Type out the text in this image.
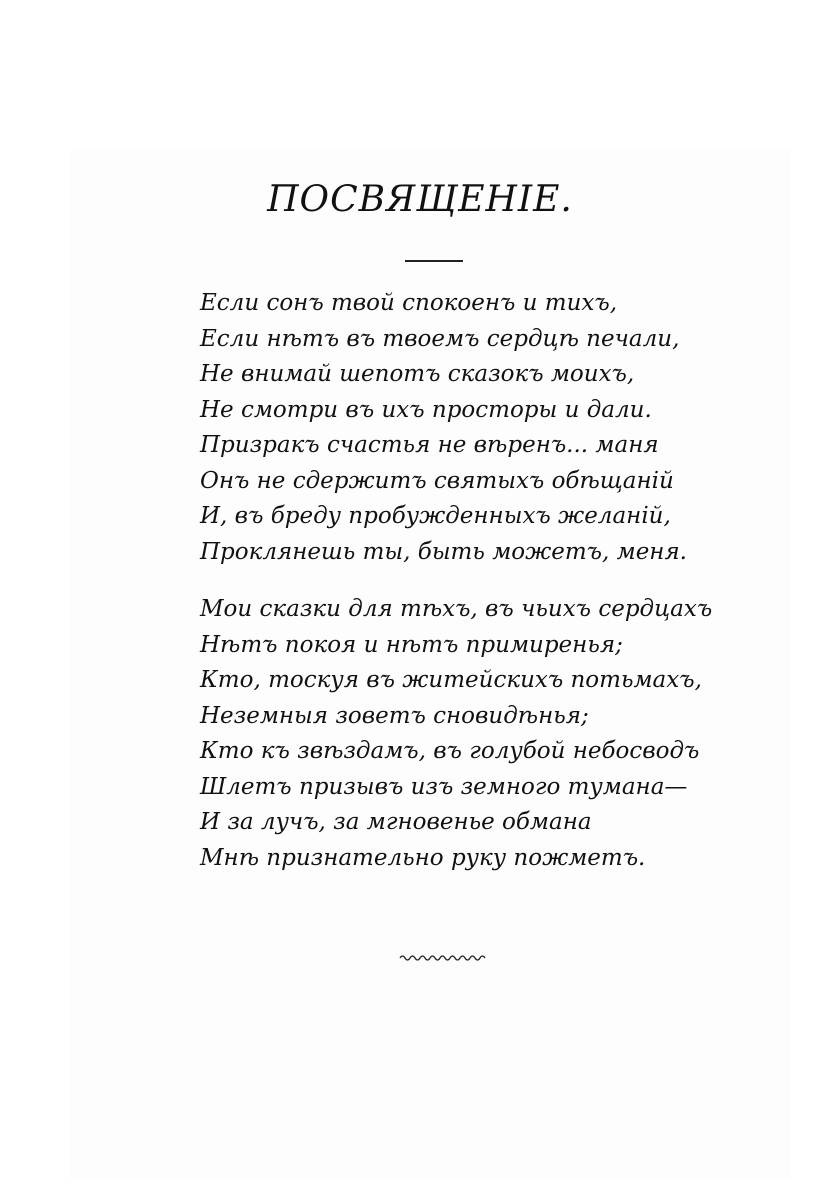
ПОСВЯЩЕНІЕ.
Если сонъ твой спокоенъ и тихъ,
Если нѣтъ въ твоемъ сердцѣ печали,
Не внимай шепотъ сказокъ моихъ,
Не смотри въ ихъ просторы и дали.
Призракъ счастья не вѣренъ... маня
Онъ не сдержитъ святыхъ обѣщаній
И, въ бреду пробужденныхъ желаній,
Проклянешь ты, быть можетъ, меня.
Мои сказки для тѣхъ, въ чьихъ сердцахъ
Нѣтъ покоя и нѣтъ примиренья;
Кто, тоскуя въ житейскихъ потьмахъ,
Неземныя зоветъ сновидѣнья;
Кто къ звѣздамъ, въ голубой небосводъ
Шлетъ призывъ изъ земного тумана—
И за лучъ, за мгновенье обмана
Мнѣ признательно руку пожметъ.
